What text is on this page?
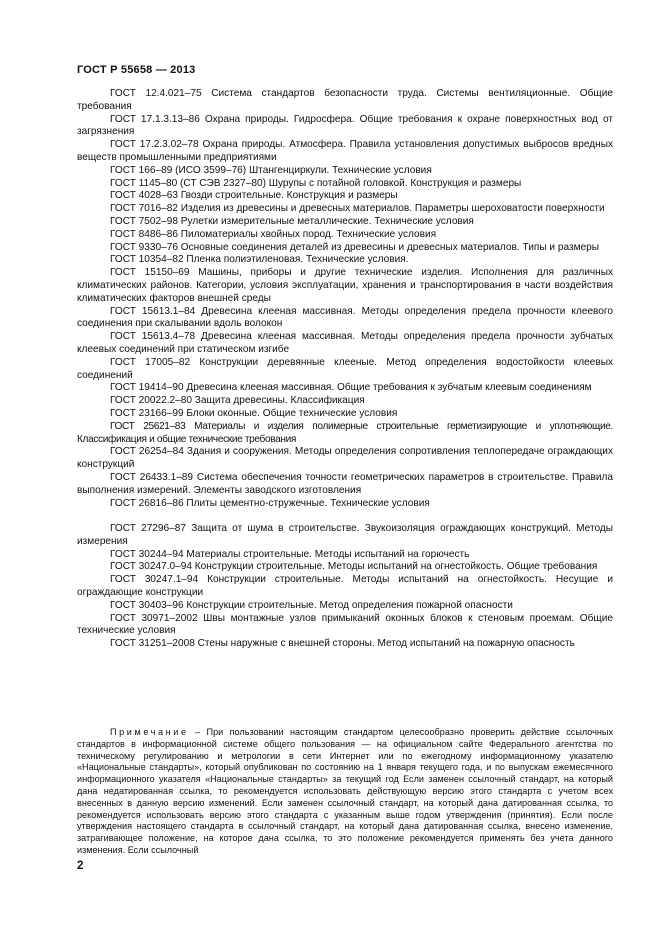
ГОСТ Р 55658 — 2013

ГОСТ 12.4.021–75 Система стандартов безопасности труда. Системы вентиляционные. Общие требования

ГОСТ 17.1.3.13–86 Охрана природы. Гидросфера. Общие требования к охране поверхностных вод от загрязнения

ГОСТ 17.2.3.02–78 Охрана природы. Атмосфера. Правила установления допустимых выбросов вредных веществ промышленными предприятиями

ГОСТ 166–89 (ИСО 3599–76) Штангенциркули. Технические условия

ГОСТ 1145–80 (СТ СЭВ 2327–80) Шурупы с потайной головкой. Конструкция и размеры

ГОСТ 4028–63 Гвозди строительные. Конструкция и размеры

ГОСТ 7016–82 Изделия из древесины и древесных материалов. Параметры шероховатости поверхности

ГОСТ 7502–98 Рулетки измерительные металлические. Технические условия

ГОСТ 8486–86 Пиломатериалы хвойных пород. Технические условия

ГОСТ 9330–76 Основные соединения деталей из древесины и древесных материалов. Типы и размеры

ГОСТ 10354–82 Пленка полиэтиленовая. Технические условия.

ГОСТ 15150–69 Машины, приборы и другие технические изделия. Исполнения для различных климатических районов. Категории, условия эксплуатации, хранения и транспортирования в части воздействия климатических факторов внешней среды

ГОСТ 15613.1–84 Древесина клееная массивная. Методы определения предела прочности клеевого соединения при скалывании вдоль волокон

ГОСТ 15613.4–78 Древесина клееная массивная. Методы определения предела прочности зубчатых клеевых соединений при статическом изгибе

ГОСТ 17005–82 Конструкции деревянные клееные. Метод определения водостойкости клеевых соединений

ГОСТ 19414–90 Древесина клееная массивная. Общие требования к зубчатым клеевым соединениям

ГОСТ 20022.2–80 Защита древесины. Классификация

ГОСТ 23166–99 Блоки оконные. Общие технические условия

ГОСТ 25621–83 Материалы и изделия полимерные строительные герметизирующие и уплотняющие. Классификация и общие технические требования

ГОСТ 26254–84 Здания и сооружения. Методы определения сопротивления теплопередаче ограждающих конструкций

ГОСТ 26433.1–89 Система обеспечения точности геометрических параметров в строительстве. Правила выполнения измерений. Элементы заводского изготовления

ГОСТ 26816–86 Плиты цементно-стружечные. Технические условия

ГОСТ 27296–87 Защита от шума в строительстве. Звукоизоляция ограждающих конструкций. Методы измерения

ГОСТ 30244–94 Материалы строительные. Методы испытаний на горючесть

ГОСТ 30247.0–94 Конструкции строительные. Методы испытаний на огнестойкость. Общие требования

ГОСТ 30247.1–94 Конструкции строительные. Методы испытаний на огнестойкость. Несущие и ограждающие конструкции

ГОСТ 30403–96 Конструкции строительные. Метод определения пожарной опасности

ГОСТ 30971–2002 Швы монтажные узлов примыканий оконных блоков к стеновым проемам. Общие технические условия

ГОСТ 31251–2008 Стены наружные с внешней стороны. Метод испытаний на пожарную опасность

Примечание – При пользовании настоящим стандартом целесообразно проверить действие ссылочных стандартов в информационной системе общего пользования — на официальном сайте Федерального агентства по техническому регулированию и метрологии в сети Интернет или по ежегодному информационному указателю «Национальные стандарты», который опубликован по состоянию на 1 января текущего года, и по выпускам ежемесячного информационного указателя «Национальные стандарты» за текущий год Если заменен ссылочный стандарт, на который дана недатированная ссылка, то рекомендуется использовать действующую версию этого стандарта с учетом всех внесенных в данную версию изменений. Если заменен ссылочный стандарт, на который дана датированная ссылка, то рекомендуется использовать версию этого стандарта с указанным выше годом утверждения (принятия). Если после утверждения настоящего стандарта в ссылочный стандарт, на который дана датированная ссылка, внесено изменение, затрагивающее положение, на которое дана ссылка, то это положение рекомендуется применять без учета данного изменения. Если ссылочный

2
